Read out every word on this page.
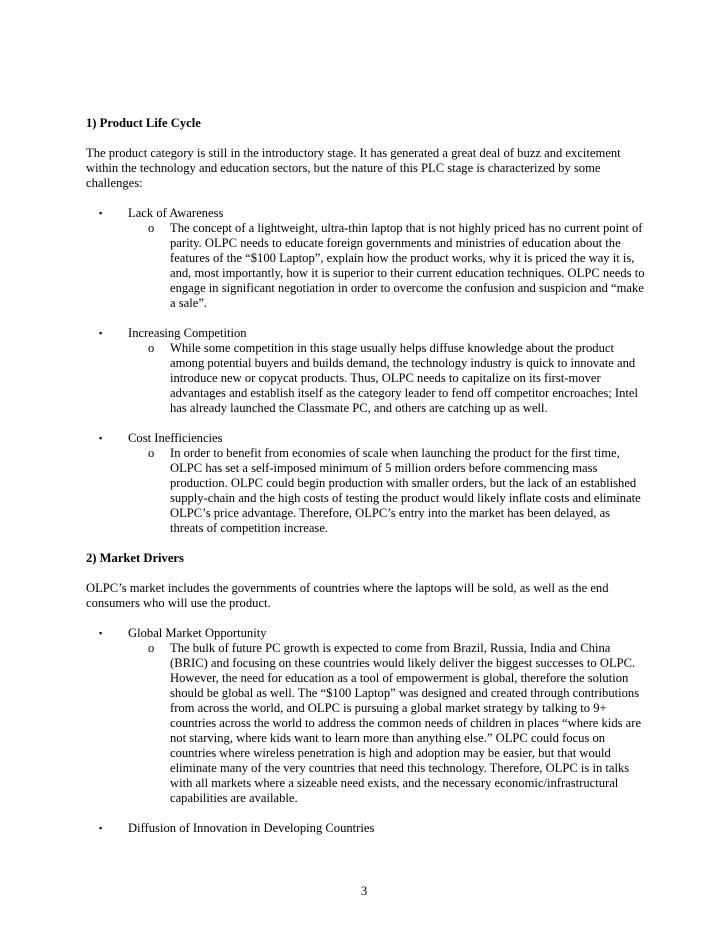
1) Product Life Cycle
The product category is still in the introductory stage. It has generated a great deal of buzz and excitement within the technology and education sectors, but the nature of this PLC stage is characterized by some challenges:
▪ Lack of Awareness
o The concept of a lightweight, ultra-thin laptop that is not highly priced has no current point of parity. OLPC needs to educate foreign governments and ministries of education about the features of the “$100 Laptop”, explain how the product works, why it is priced the way it is, and, most importantly, how it is superior to their current education techniques. OLPC needs to engage in significant negotiation in order to overcome the confusion and suspicion and “make a sale”.
▪ Increasing Competition
o While some competition in this stage usually helps diffuse knowledge about the product among potential buyers and builds demand, the technology industry is quick to innovate and introduce new or copycat products. Thus, OLPC needs to capitalize on its first-mover advantages and establish itself as the category leader to fend off competitor encroaches; Intel has already launched the Classmate PC, and others are catching up as well.
▪ Cost Inefficiencies
o In order to benefit from economies of scale when launching the product for the first time, OLPC has set a self-imposed minimum of 5 million orders before commencing mass production. OLPC could begin production with smaller orders, but the lack of an established supply-chain and the high costs of testing the product would likely inflate costs and eliminate OLPC’s price advantage. Therefore, OLPC’s entry into the market has been delayed, as threats of competition increase.
2) Market Drivers
OLPC’s market includes the governments of countries where the laptops will be sold, as well as the end consumers who will use the product.
▪ Global Market Opportunity
o The bulk of future PC growth is expected to come from Brazil, Russia, India and China (BRIC) and focusing on these countries would likely deliver the biggest successes to OLPC. However, the need for education as a tool of empowerment is global, therefore the solution should be global as well. The “$100 Laptop” was designed and created through contributions from across the world, and OLPC is pursuing a global market strategy by talking to 9+ countries across the world to address the common needs of children in places “where kids are not starving, where kids want to learn more than anything else.” OLPC could focus on countries where wireless penetration is high and adoption may be easier, but that would eliminate many of the very countries that need this technology. Therefore, OLPC is in talks with all markets where a sizeable need exists, and the necessary economic/infrastructural capabilities are available.
▪ Diffusion of Innovation in Developing Countries
3
